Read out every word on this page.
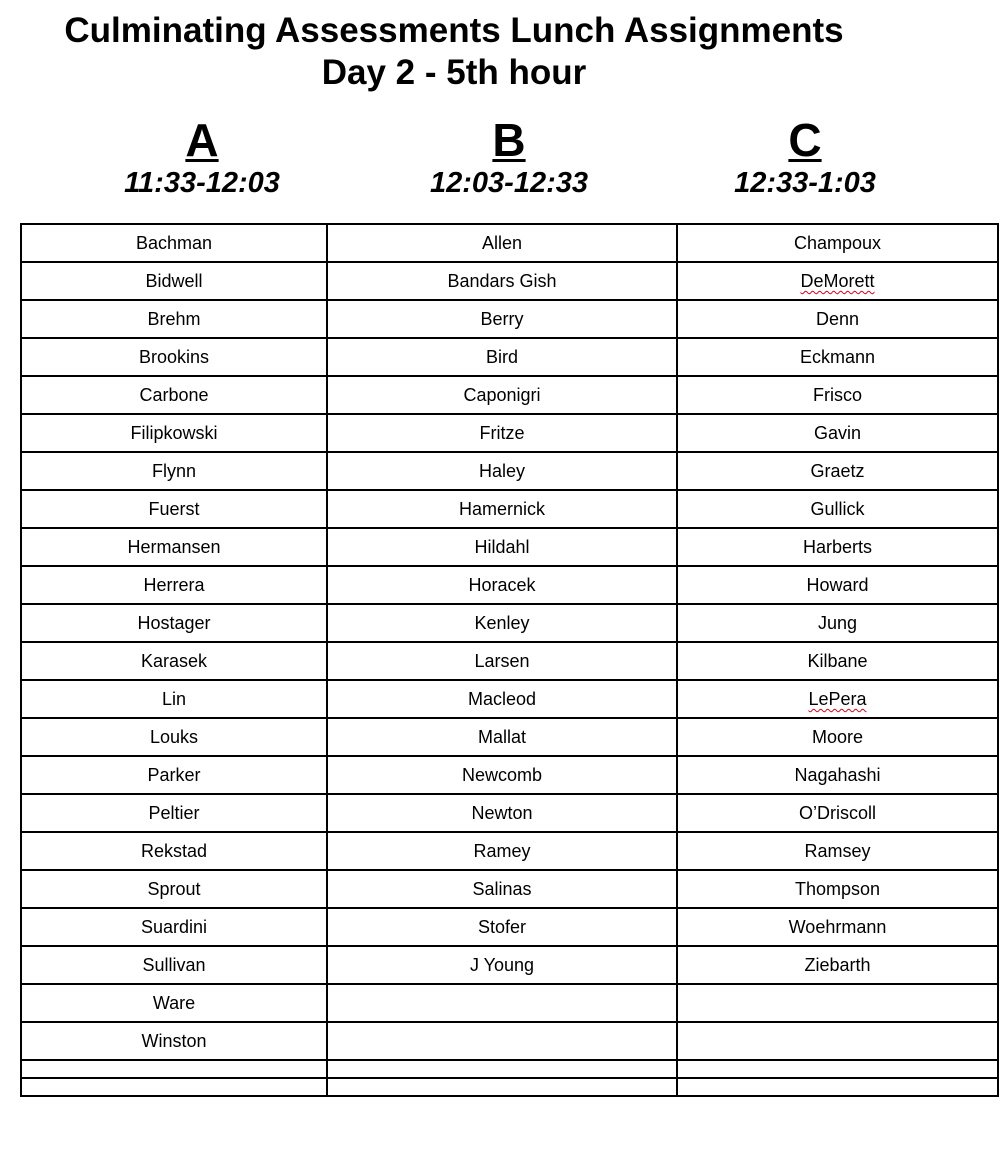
Culminating Assessments Lunch Assignments
Day 2 - 5th hour
A
11:33-12:03
B
12:03-12:33
C
12:33-1:03
Bachman	Allen	Champoux
Bidwell	Bandars Gish	DeMorett
Brehm	Berry	Denn
Brookins	Bird	Eckmann
Carbone	Caponigri	Frisco
Filipkowski	Fritze	Gavin
Flynn	Haley	Graetz
Fuerst	Hamernick	Gullick
Hermansen	Hildahl	Harberts
Herrera	Horacek	Howard
Hostager	Kenley	Jung
Karasek	Larsen	Kilbane
Lin	Macleod	LePera
Louks	Mallat	Moore
Parker	Newcomb	Nagahashi
Peltier	Newton	O’Driscoll
Rekstad	Ramey	Ramsey
Sprout	Salinas	Thompson
Suardini	Stofer	Woehrmann
Sullivan	J Young	Ziebarth
Ware		
Winston		
